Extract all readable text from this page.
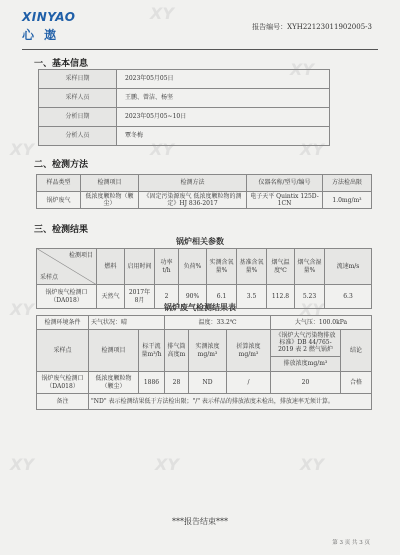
XY
XY
XY	XY	XY
XY	XY
XY	XY	XY
XINYAO
心 遨
报告编号：XYH22123011902005-3
一、基本信息
采样日期	2023年05月05日
采样人员	王鹏、曾洁、杨坚
分析日期	2023年05月05~10日
分析人员	覃冬梅
二、检测方法
样品类型	检测项目	检测方法	仪器名称/型号/编号	方法检出限
锅炉废气	低浓度颗粒物（颗尘）	《固定污染源废气 低浓度颗粒物的测定》HJ 836-2017	电子天平 Quintix 125D-1CN	1.0mg/m³
三、检测结果
锅炉相关参数
检测项目
采样点	燃料	启用时间	功率t/h	负荷%	实测含氧量%	基准含氧量%	烟气温度℃	烟气含湿量%	流速m/s
锅炉废气检测口（DA018）	天然气	2017年8月	2	90%	6.1	3.5	112.8	5.23	6.3
锅炉废气检测结果表
检测环境条件	天气状况：晴		温度：33.2℃			大气压：100.0kPa	
采样点	检测项目	标干流量m³/h	排气筒高度m	实测浓度mg/m³	折算浓度mg/m³	《锅炉大气污染物排放标准》DB 44/765-2019 表 2 燃气锅炉	结论
						排放浓度mg/m³	
锅炉废气检测口（DA018）	低浓度颗粒物（颗尘）	1886	28	ND	/	20	合格
备注	"ND" 表示检测结果低于方法检出限；"/" 表示样品的排放浓度未检出，排放速率无须计算。						
***报告结束***
第 3 页 共 3 页
